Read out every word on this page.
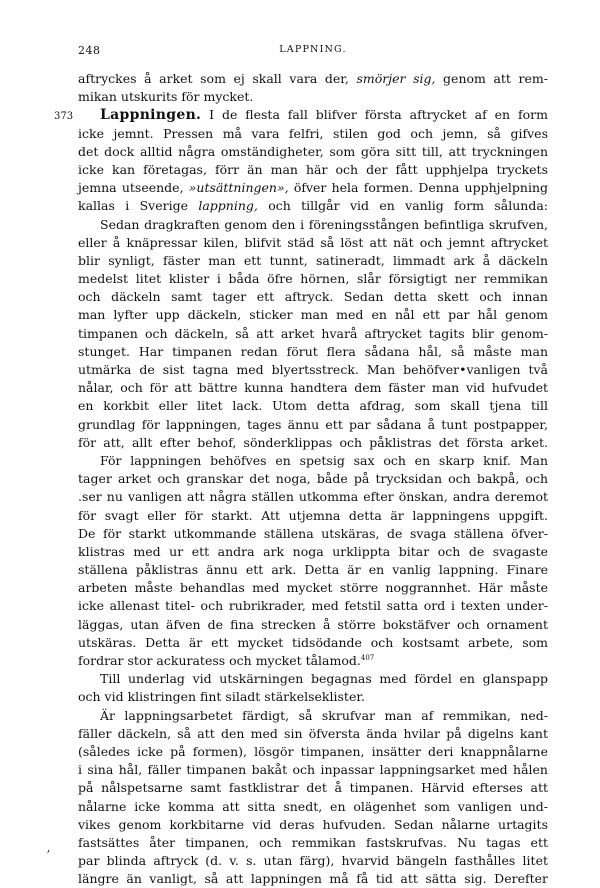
248	LAPPNING.
aftryckes å arket som ej skall vara der, smörjer sig, genom att rem-
mikan utskurits för mycket.
373 Lappningen. I de flesta fall blifver första aftrycket af en form
icke jemnt. Pressen må vara felfri, stilen god och jemn, så gifves
det dock alltid några omständigheter, som göra sitt till, att tryckningen
icke kan företagas, förr än man här och der fått upphjelpa tryckets
jemna utseende, »utsättningen», öfver hela formen. Denna upphjelpning
kallas i Sverige lappning, och tillgår vid en vanlig form sålunda:
Sedan dragkraften genom den i föreningsstången befintliga skrufven,
eller å knäpressar kilen, blifvit städ så löst att nät och jemnt aftrycket
blir synligt, fäster man ett tunnt, satineradt, limmadt ark å däckeln
medelst litet klister i båda öfre hörnen, slår försigtigt ner remmikan
och däckeln samt tager ett aftryck. Sedan detta skett och innan
man lyfter upp däckeln, sticker man med en nål ett par hål genom
timpanen och däckeln, så att arket hvarå aftrycket tagits blir genom-
stunget. Har timpanen redan förut flera sådana hål, så måste man
utmärka de sist tagna med blyertsstreck. Man behöfver•vanligen två
nålar, och för att bättre kunna handtera dem fäster man vid hufvudet
en korkbit eller litet lack. Utom detta afdrag, som skall tjena till
grundlag för lappningen, tages ännu ett par sådana å tunt postpapper,
för att, allt efter behof, sönderklippas och påklistras det första arket.
För lappningen behöfves en spetsig sax och en skarp knif. Man
tager arket och granskar det noga, både på trycksidan och bakpå, och
.ser nu vanligen att några ställen utkomma efter önskan, andra deremot
för svagt eller för starkt. Att utjemna detta är lappningens uppgift.
De för starkt utkommande ställena utskäras, de svaga ställena öfver-
klistras med ur ett andra ark noga urklippta bitar och de svagaste
ställena påklistras ännu ett ark. Detta är en vanlig lappning. Finare
arbeten måste behandlas med mycket större noggrannhet. Här måste
icke allenast titel- och rubrikrader, med fetstil satta ord i texten under-
läggas, utan äfven de fina strecken å större bokstäfver och ornament
utskäras. Detta är ett mycket tidsödande och kostsamt arbete, som
fordrar stor ackuratess och mycket tålamod.$^{407}$
Till underlag vid utskärningen begagnas med fördel en glanspapp
och vid klistringen fint siladt stärkelseklister.
Är lappningsarbetet färdigt, så skrufvar man af remmikan, ned-
fäller däckeln, så att den med sin öfversta ända hvilar på digelns kant
(således icke på formen), lösgör timpanen, insätter deri knappnålarne
i sina hål, fäller timpanen bakåt och inpassar lappningsarket med hålen
på nålspetsarne samt fastklistrar det å timpanen. Härvid efterses att
nålarne icke komma att sitta snedt, en olägenhet som vanligen und-
vikes genom korkbitarne vid deras hufvuden. Sedan nålarne urtagits
fastsättes åter timpanen, och remmikan fastskrufvas. Nu tagas ett
par blinda aftryck (d. v. s. utan färg), hvarvid bängeln fasthålles litet
längre än vanligt, så att lappningen må få tid att sätta sig. Derefter
ʼ
